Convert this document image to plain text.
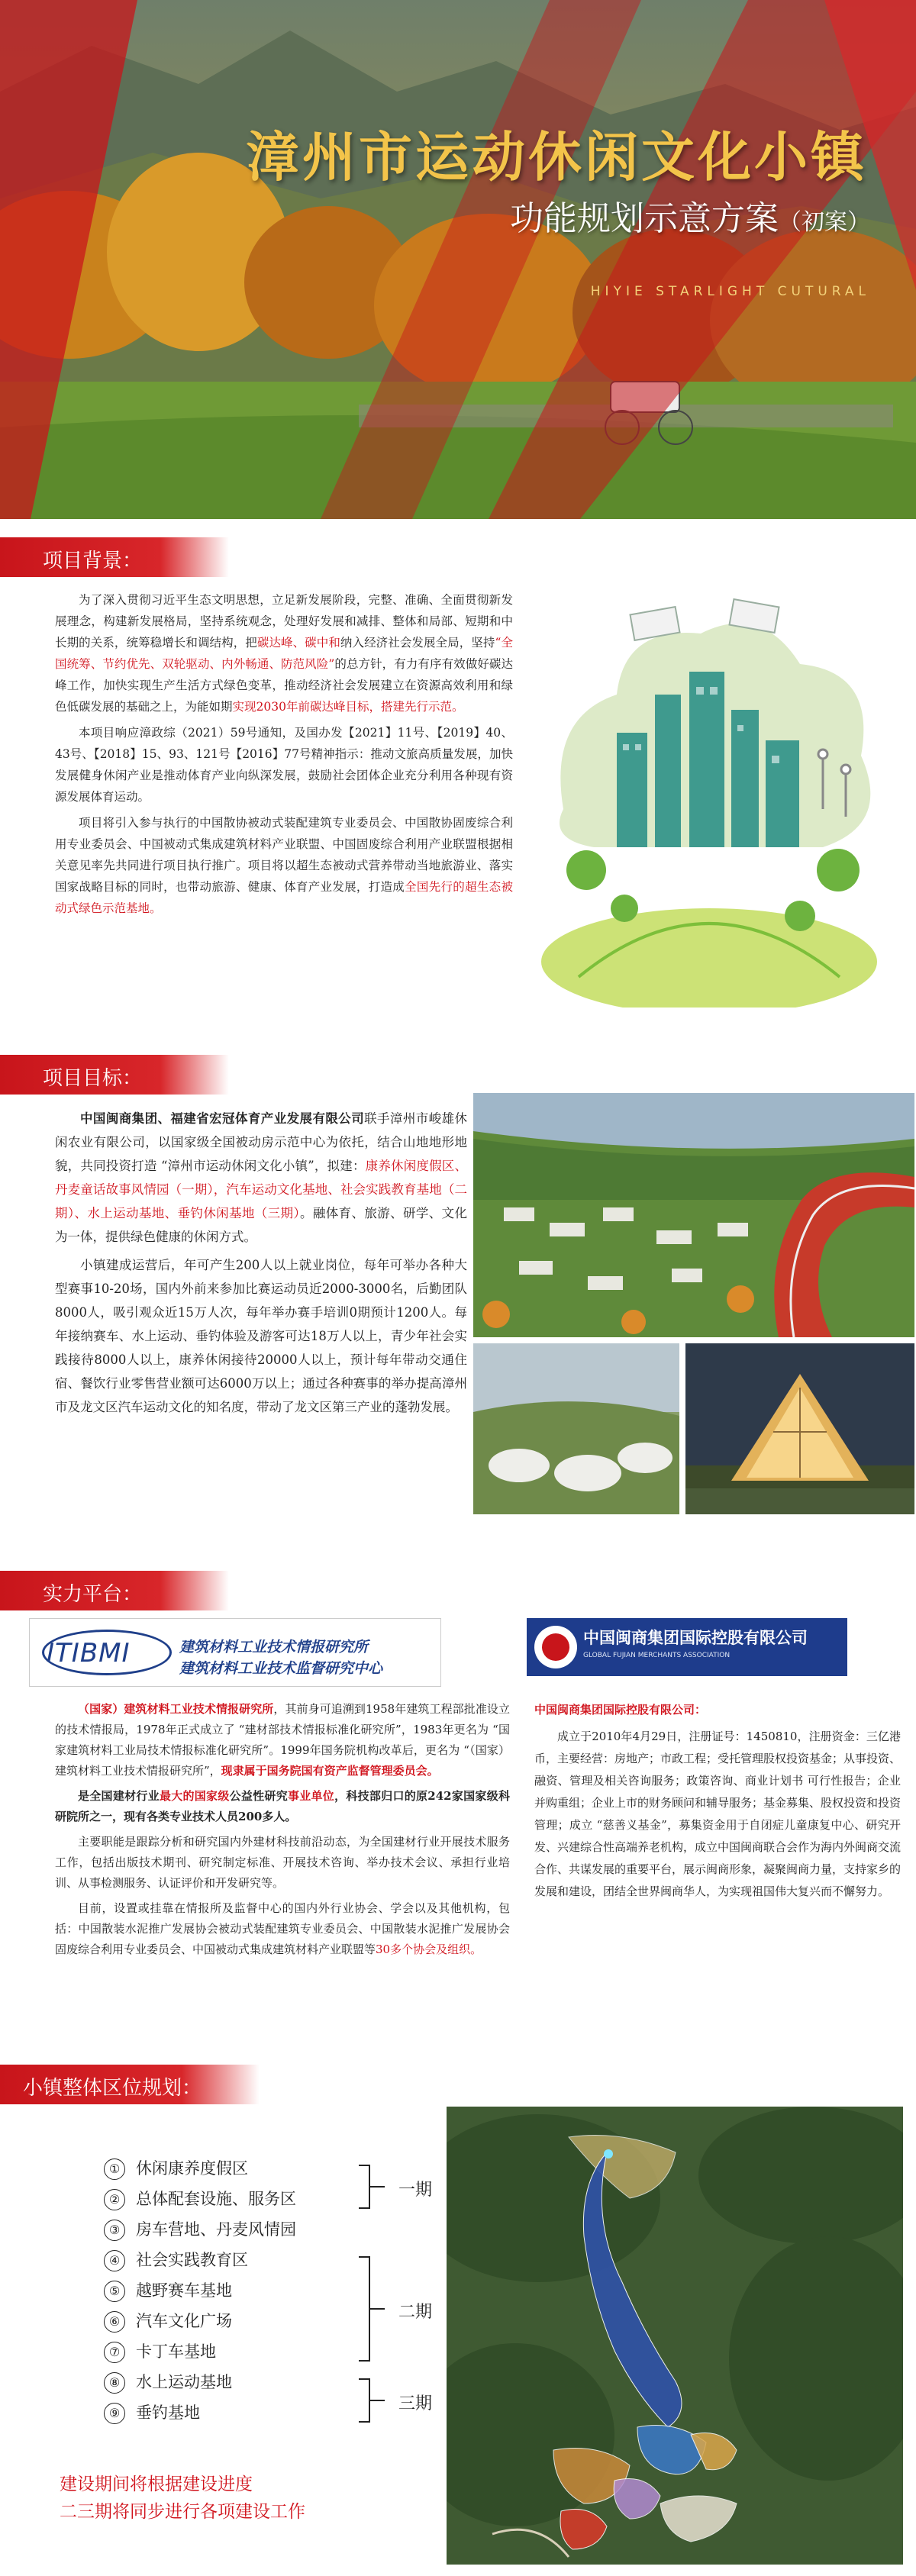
漳州市运动休闲文化小镇
功能规划示意方案（初案）
HIYIE STARLIGHT CUTURAL
项目背景：

为了深入贯彻习近平生态文明思想，立足新发展阶段，完整、准确、全面贯彻新发展理念，构建新发展格局，坚持系统观念，处理好发展和减排、整体和局部、短期和中长期的关系，统筹稳增长和调结构，把碳达峰、碳中和纳入经济社会发展全局，坚持“全国统筹、节约优先、双轮驱动、内外畅通、防范风险”的总方针，有力有序有效做好碳达峰工作，加快实现生产生活方式绿色变革，推动经济社会发展建立在资源高效利用和绿色低碳发展的基础之上，为能如期实现2030年前碳达峰目标，搭建先行示范。

本项目响应漳政综（2021）59号通知，及国办发【2021】11号、【2019】40、43号、【2018】15、93、121号【2016】77号精神指示：推动文旅高质量发展，加快发展健身休闲产业是推动体育产业向纵深发展，鼓励社会团体企业充分利用各种现有资源发展体育运动。

项目将引入参与执行的中国散协被动式装配建筑专业委员会、中国散协固废综合利用专业委员会、中国被动式集成建筑材料产业联盟、中国固废综合利用产业联盟根据相关意见率先共同进行项目执行推广。项目将以超生态被动式营养带动当地旅游业、落实国家战略目标的同时，也带动旅游、健康、体育产业发展，打造成全国先行的超生态被动式绿色示范基地。

项目目标：

中国闽商集团、福建省宏冠体育产业发展有限公司联手漳州市峻雄休闲农业有限公司，以国家级全国被动房示范中心为依托，结合山地地形地貌，共同投资打造 “漳州市运动休闲文化小镇”，拟建：康养休闲度假区、丹麦童话故事风情园（一期），汽车运动文化基地、社会实践教育基地（二期）、水上运动基地、垂钓休闲基地（三期）。融体育、旅游、研学、文化为一体，提供绿色健康的休闲方式。

小镇建成运营后，年可产生200人以上就业岗位，每年可举办各种大型赛事10-20场，国内外前来参加比赛运动员近2000-3000名，后勤团队8000人，吸引观众近15万人次，每年举办赛手培训0期预计1200人。每年接纳赛车、水上运动、垂钓体验及游客可达18万人以上，青少年社会实践接待8000人以上，康养休闲接待20000人以上，预计每年带动交通住宿、餐饮行业零售营业额可达6000万以上；通过各种赛事的举办提高漳州市及龙文区汽车运动文化的知名度，带动了龙文区第三产业的蓬勃发展。

实力平台：
ITIBMI	建筑材料工业技术情报研究所
建筑材料工业技术监督研究中心
中国闽商集团国际控股有限公司
GLOBAL FUJIAN MERCHANTS ASSOCIATION

（国家）建筑材料工业技术情报研究所，其前身可追溯到1958年建筑工程部批准设立的技术情报局，1978年正式成立了 “建材部技术情报标准化研究所”，1983年更名为 “国家建筑材料工业局技术情报标准化研究所”。1999年国务院机构改革后，更名为 “（国家）建筑材料工业技术情报研究所”，现隶属于国务院国有资产监督管理委员会。

是全国建材行业最大的国家级公益性研究事业单位，科技部归口的原242家国家级科研院所之一，现有各类专业技术人员200多人。

主要职能是跟踪分析和研究国内外建材科技前沿动态，为全国建材行业开展技术服务工作，包括出版技术期刊、研究制定标准、开展技术咨询、举办技术会议、承担行业培训、从事检测服务、认证评价和开发研究等。

目前，设置或挂靠在情报所及监督中心的国内外行业协会、学会以及其他机构，包括：中国散装水泥推广发展协会被动式装配建筑专业委员会、中国散装水泥推广发展协会固废综合利用专业委员会、中国被动式集成建筑材料产业联盟等30多个协会及组织。

中国闽商集团国际控股有限公司：

成立于2010年4月29日，注册证号：1450810，注册资金：三亿港币，主要经营：房地产；市政工程；受托管理股权投资基金；从事投资、融资、管理及相关咨询服务；政策咨询、商业计划书 可行性报告；企业并购重组；企业上市的财务顾问和辅导服务；基金募集、股权投资和投资管理；成立 “慈善义基金”，募集资金用于自闭症儿童康复中心、研究开发、兴建综合性高端养老机构，成立中国闽商联合会作为海内外闽商交流合作、共谋发展的重要平台，展示闽商形象，凝聚闽商力量，支持家乡的发展和建设，团结全世界闽商华人，为实现祖国伟大复兴而不懈努力。

小镇整体区位规划：
① 休闲康养度假区
② 总体配套设施、服务区
③ 房车营地、丹麦风情园
④ 社会实践教育区
⑤ 越野赛车基地
⑥ 汽车文化广场
⑦ 卡丁车基地
⑧ 水上运动基地
⑨ 垂钓基地
一期
二期
三期
建设期间将根据建设进度
二三期将同步进行各项建设工作
